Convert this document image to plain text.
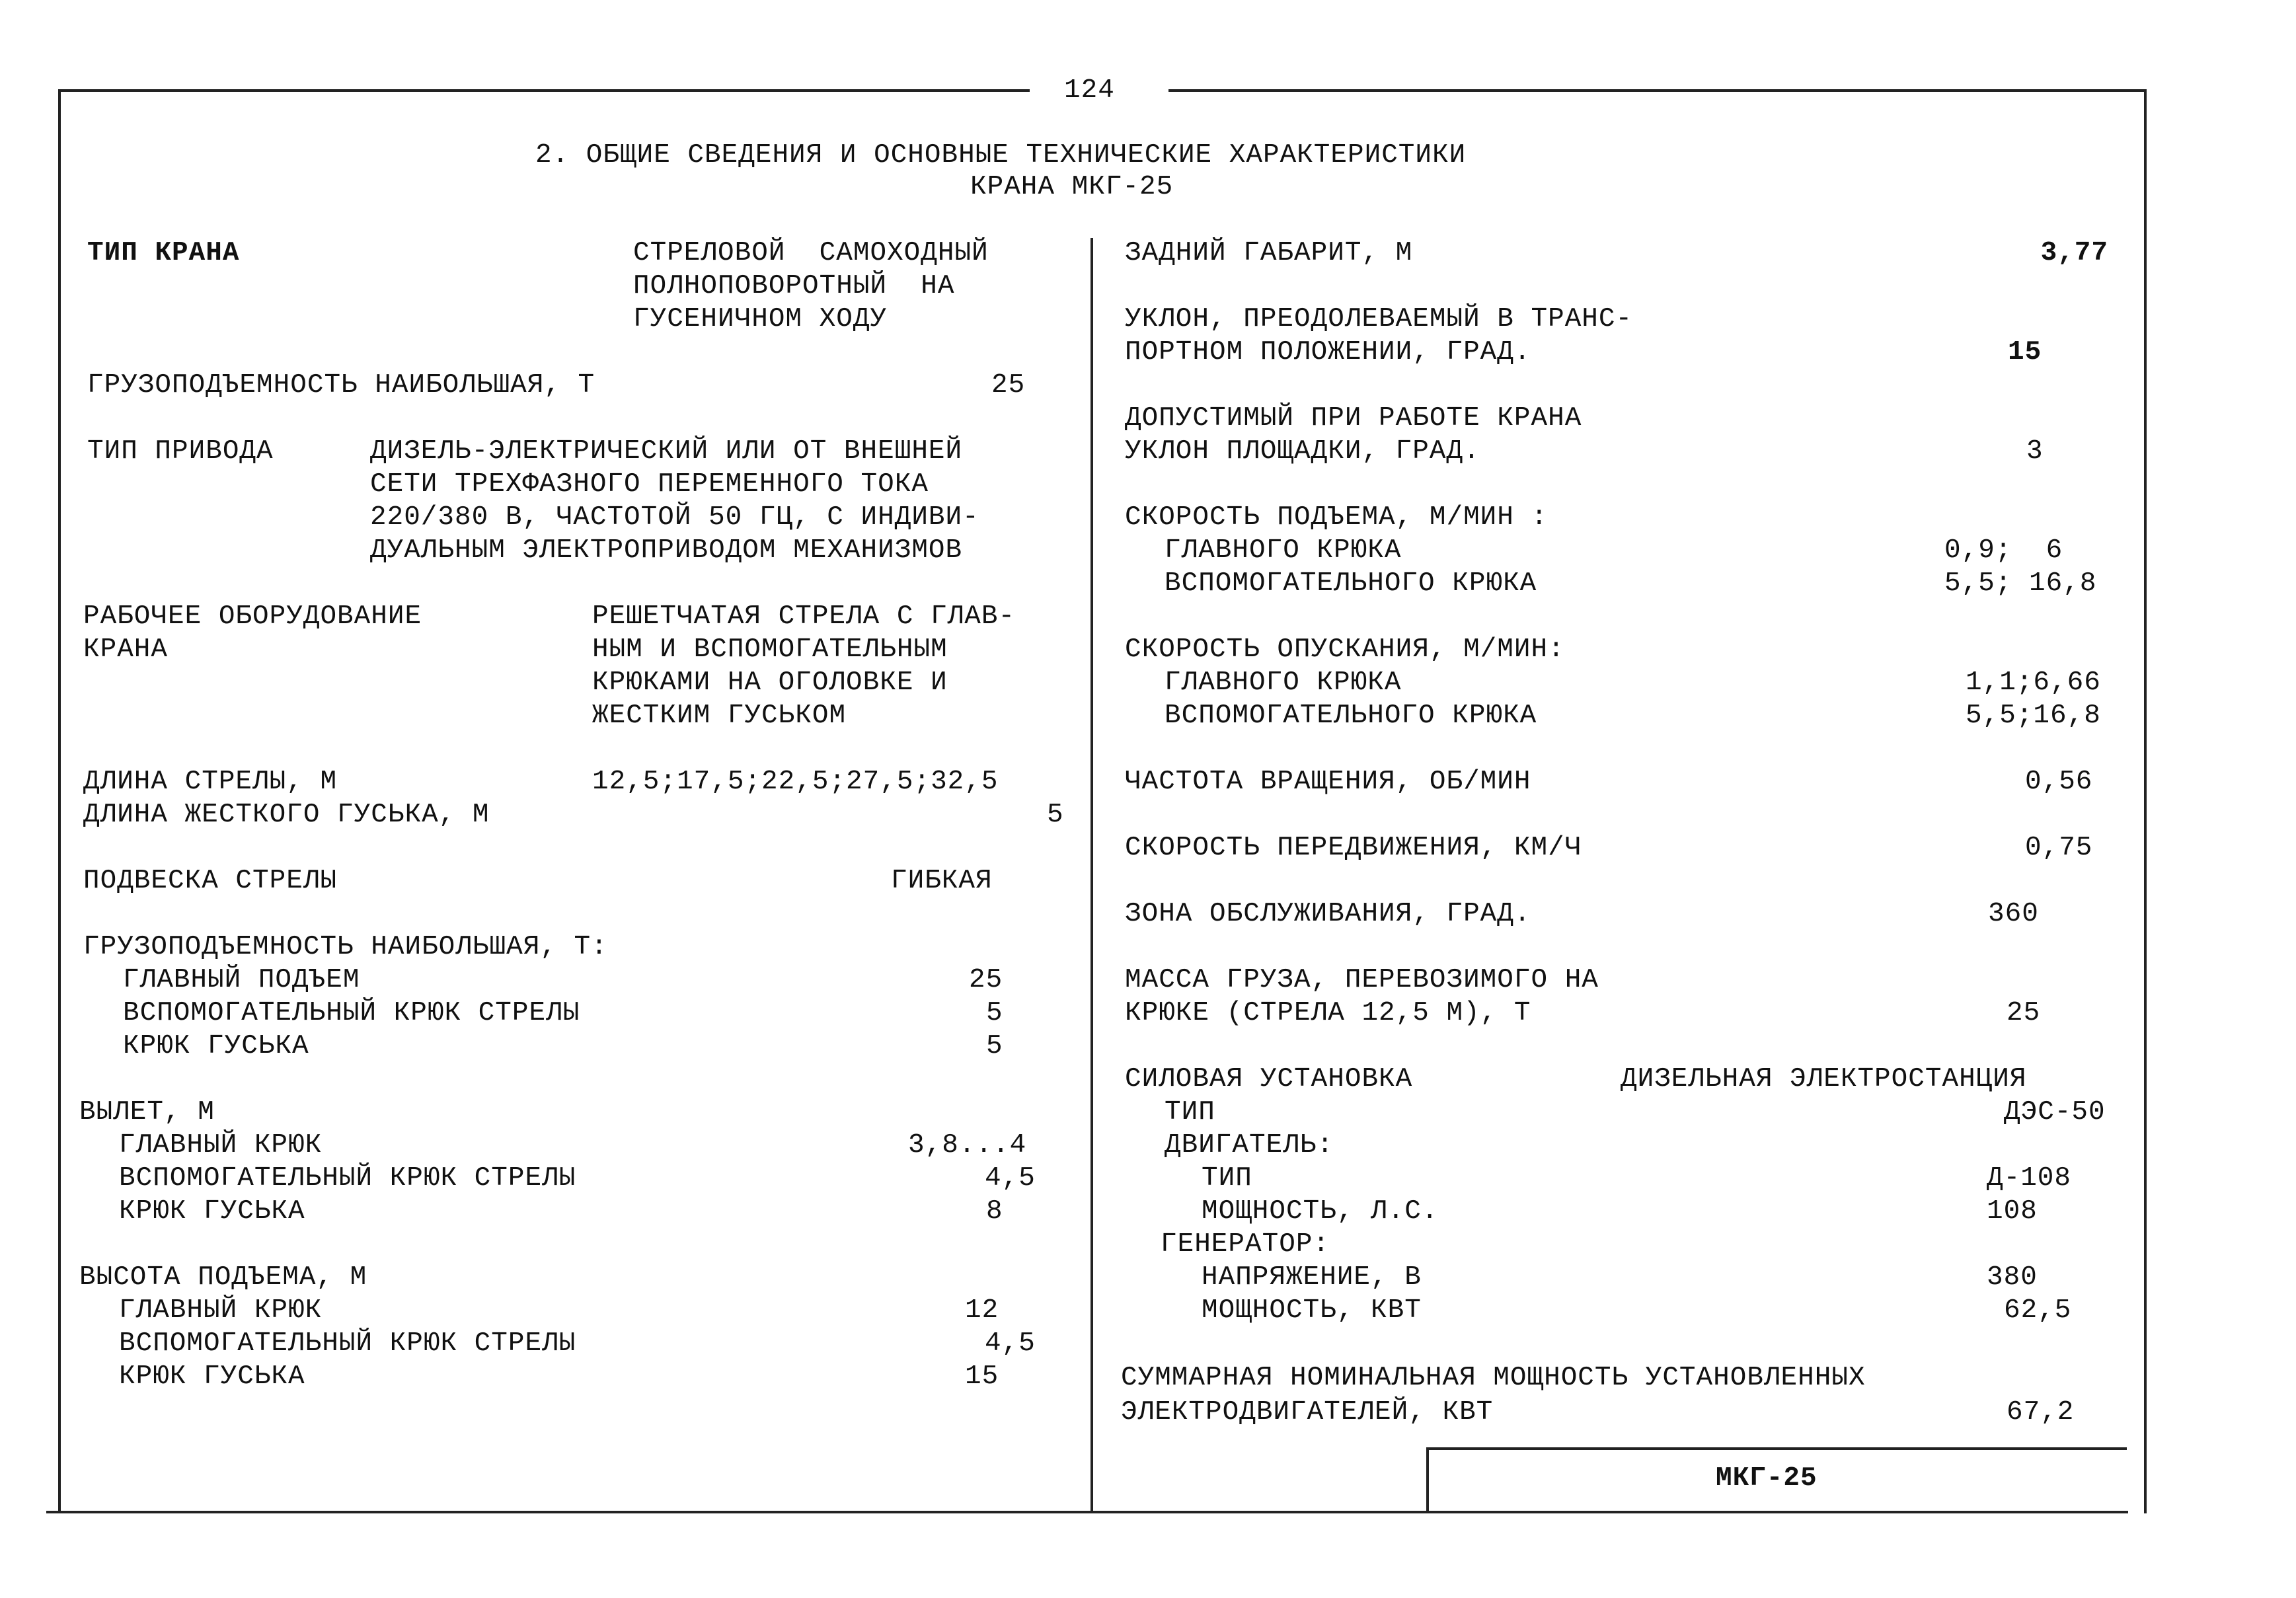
124
2. ОБЩИЕ СВЕДЕНИЯ И ОСНОВНЫЕ ТЕХНИЧЕСКИЕ ХАРАКТЕРИСТИКИ
КРАНА МКГ-25
ТИП КРАНА	СТРЕЛОВОЙ  САМОХОДНЫЙ
ПОЛНОПОВОРОТНЫЙ  НА
ГУСЕНИЧНОМ ХОДУ
ГРУЗОПОДЪЕМНОСТЬ НАИБОЛЬШАЯ, Т	25
ТИП ПРИВОДА	ДИЗЕЛЬ-ЭЛЕКТРИЧЕСКИЙ ИЛИ ОТ ВНЕШНЕЙ
СЕТИ ТРЕХФАЗНОГО ПЕРЕМЕННОГО ТОКА
220/380 В, ЧАСТОТОЙ 50 ГЦ, С ИНДИВИ-
ДУАЛЬНЫМ ЭЛЕКТРОПРИВОДОМ МЕХАНИЗМОВ
РАБОЧЕЕ ОБОРУДОВАНИЕ
КРАНА
РЕШЕТЧАТАЯ СТРЕЛА С ГЛАВ-
НЫМ И ВСПОМОГАТЕЛЬНЫМ
КРЮКАМИ НА ОГОЛОВКЕ И
ЖЕСТКИМ ГУСЬКОМ
ДЛИНА СТРЕЛЫ, М	12,5;17,5;22,5;27,5;32,5
ДЛИНА ЖЕСТКОГО ГУСЬКА, М	5
ПОДВЕСКА СТРЕЛЫ	ГИБКАЯ
ГРУЗОПОДЪЕМНОСТЬ НАИБОЛЬШАЯ, Т:
ГЛАВНЫЙ ПОДЪЕМ	25
ВСПОМОГАТЕЛЬНЫЙ КРЮК СТРЕЛЫ	5
КРЮК ГУСЬКА	5
ВЫЛЕТ, М
ГЛАВНЫЙ КРЮК	3,8...4
ВСПОМОГАТЕЛЬНЫЙ КРЮК СТРЕЛЫ	4,5
КРЮК ГУСЬКА	8
ВЫСОТА ПОДЪЕМА, М
ГЛАВНЫЙ КРЮК	12
ВСПОМОГАТЕЛЬНЫЙ КРЮК СТРЕЛЫ	4,5
КРЮК ГУСЬКА	15
ЗАДНИЙ ГАБАРИТ, М	3,77
УКЛОН, ПРЕОДОЛЕВАЕМЫЙ В ТРАНС-
ПОРТНОМ ПОЛОЖЕНИИ, ГРАД.	15
ДОПУСТИМЫЙ ПРИ РАБОТЕ КРАНА
УКЛОН ПЛОЩАДКИ, ГРАД.	3
СКОРОСТЬ ПОДЪЕМА, М/МИН :
ГЛАВНОГО КРЮКА	0,9;  6
ВСПОМОГАТЕЛЬНОГО КРЮКА	5,5; 16,8
СКОРОСТЬ ОПУСКАНИЯ, М/МИН:
ГЛАВНОГО КРЮКА	1,1;6,66
ВСПОМОГАТЕЛЬНОГО КРЮКА	5,5;16,8
ЧАСТОТА ВРАЩЕНИЯ, ОБ/МИН	0,56
СКОРОСТЬ ПЕРЕДВИЖЕНИЯ, КМ/Ч	0,75
ЗОНА ОБСЛУЖИВАНИЯ, ГРАД.	360
МАССА ГРУЗА, ПЕРЕВОЗИМОГО НА
КРЮКЕ (СТРЕЛА 12,5 М), Т	25
СИЛОВАЯ УСТАНОВКА	ДИЗЕЛЬНАЯ ЭЛЕКТРОСТАНЦИЯ
ТИП	ДЭС-50
ДВИГАТЕЛЬ:
ТИП	Д-108
МОЩНОСТЬ, Л.С.	108
ГЕНЕРАТОР:
НАПРЯЖЕНИЕ, В	380
МОЩНОСТЬ, КВТ	62,5
СУММАРНАЯ НОМИНАЛЬНАЯ МОЩНОСТЬ УСТАНОВЛЕННЫХ
ЭЛЕКТРОДВИГАТЕЛЕЙ, КВТ	67,2
МКГ-25
